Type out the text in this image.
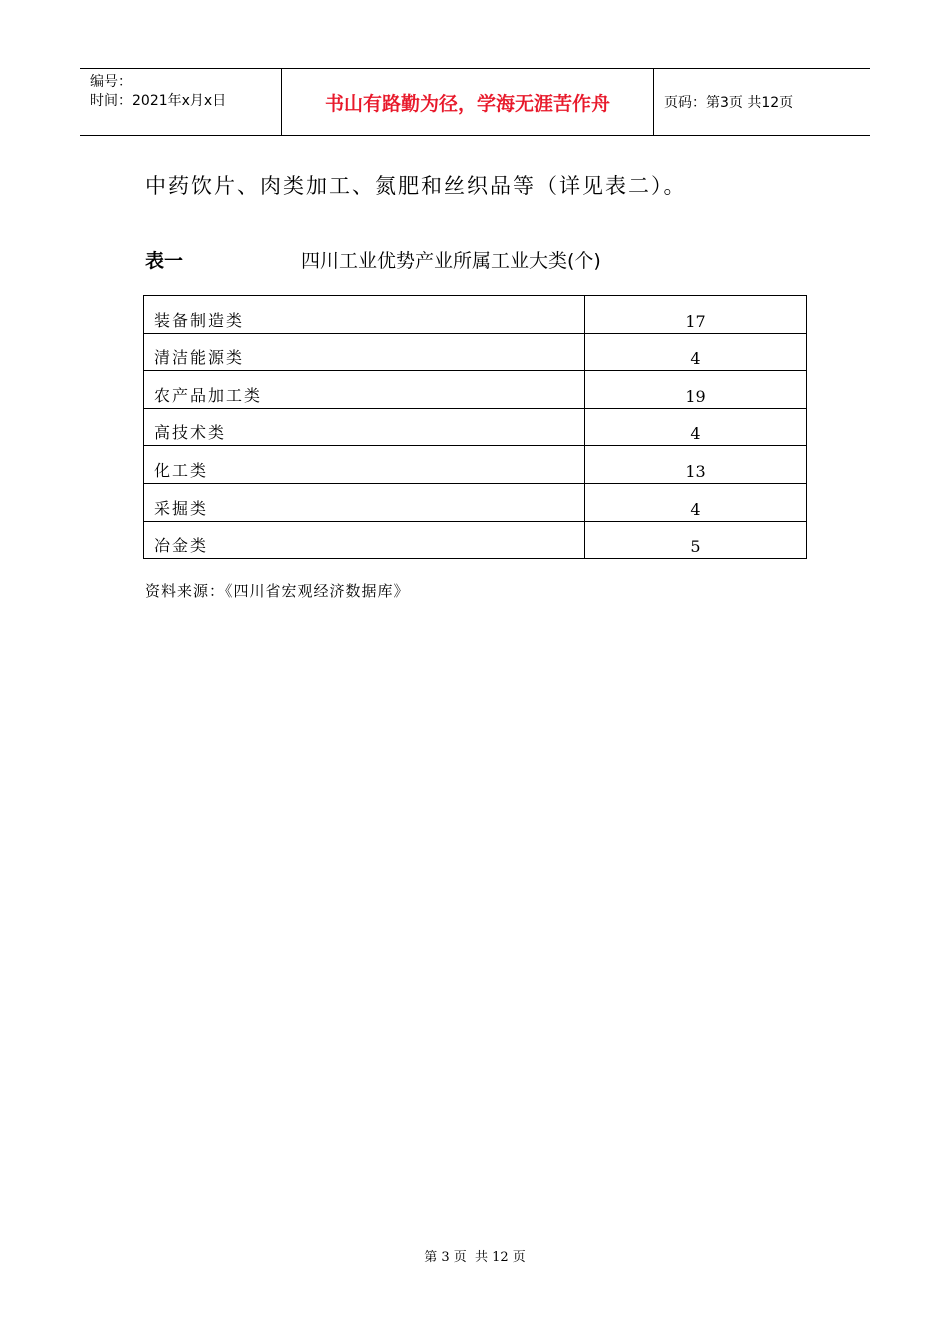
编号：
时间：2021年x月x日	书山有路勤为径，学海无涯苦作舟	页码：第3页 共12页
中药饮片、肉类加工、氮肥和丝织品等（详见表二）。
表一	四川工业优势产业所属工业大类(个)
装备制造类	17
清洁能源类	4
农产品加工类	19
高技术类	4
化工类	13
采掘类	4
冶金类	5
资料来源：《四川省宏观经济数据库》
第 3 页  共 12 页
